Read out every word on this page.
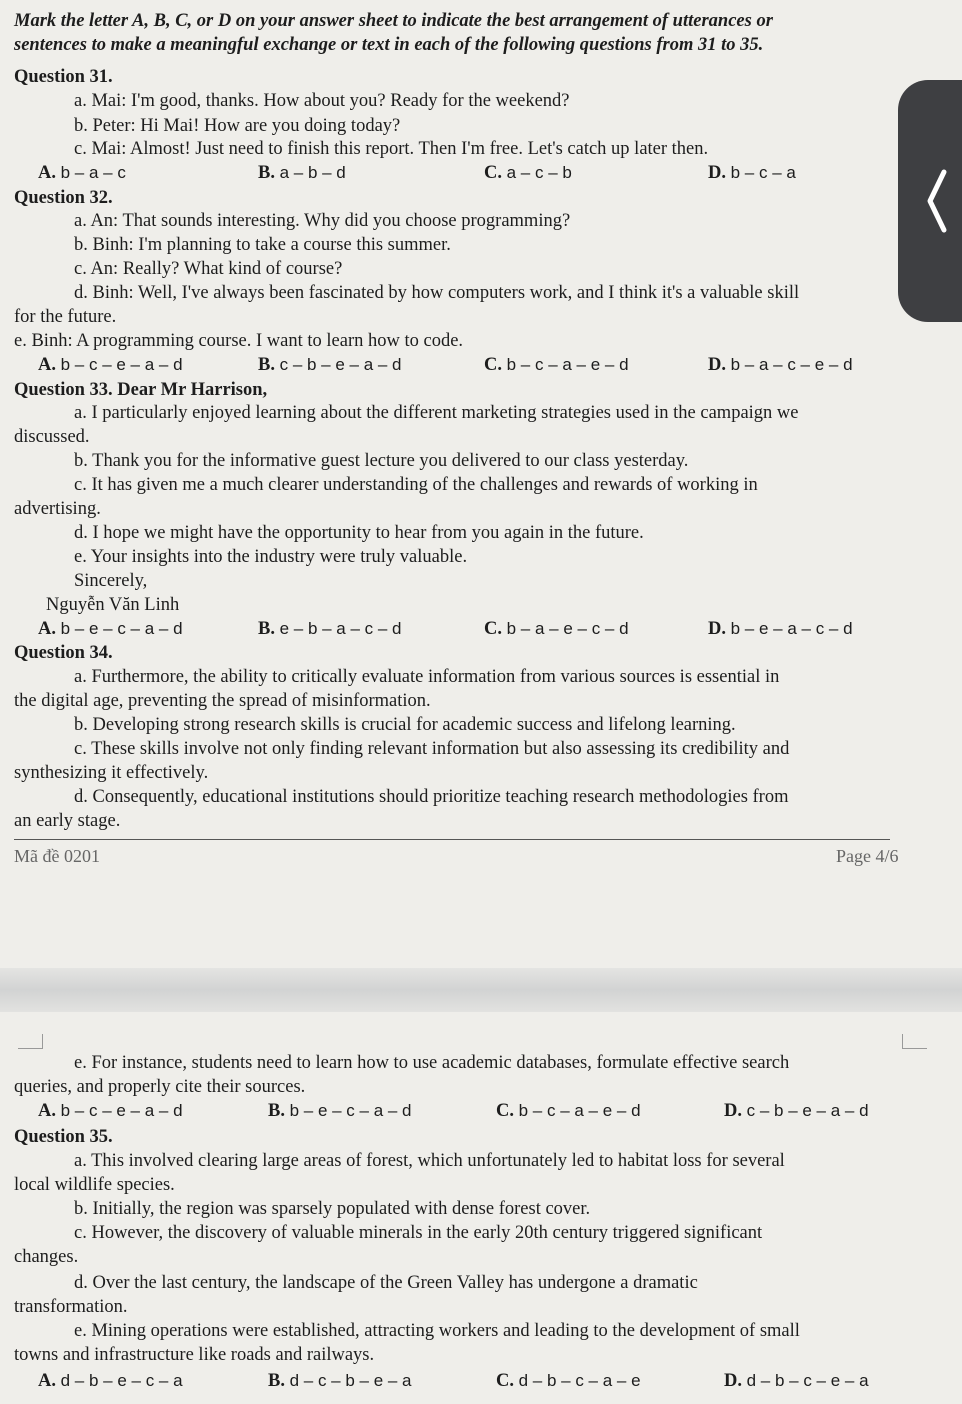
Mark the letter A, B, C, or D on your answer sheet to indicate the best arrangement of utterances or
sentences to make a meaningful exchange or text in each of the following questions from 31 to 35.
Question 31.
a. Mai: I'm good, thanks. How about you? Ready for the weekend?
b. Peter: Hi Mai! How are you doing today?
c. Mai: Almost! Just need to finish this report. Then I'm free. Let's catch up later then.
A. b – a – c	B. a – b – d	C. a – c – b	D. b – c – a
Question 32.
a. An: That sounds interesting. Why did you choose programming?
b. Binh: I'm planning to take a course this summer.
c. An: Really? What kind of course?
d. Binh: Well, I've always been fascinated by how computers work, and I think it's a valuable skill
for the future.
e. Binh: A programming course. I want to learn how to code.
A. b – c – e – a – d	B. c – b – e – a – d	C. b – c – a – e – d	D. b – a – c – e – d
Question 33. Dear Mr Harrison,
a. I particularly enjoyed learning about the different marketing strategies used in the campaign we
discussed.
b. Thank you for the informative guest lecture you delivered to our class yesterday.
c. It has given me a much clearer understanding of the challenges and rewards of working in
advertising.
d. I hope we might have the opportunity to hear from you again in the future.
e. Your insights into the industry were truly valuable.
Sincerely,
Nguyễn Văn Linh
A. b – e – c – a – d	B. e – b – a – c – d	C. b – a – e – c – d	D. b – e – a – c – d
Question 34.
a. Furthermore, the ability to critically evaluate information from various sources is essential in
the digital age, preventing the spread of misinformation.
b. Developing strong research skills is crucial for academic success and lifelong learning.
c. These skills involve not only finding relevant information but also assessing its credibility and
synthesizing it effectively.
d. Consequently, educational institutions should prioritize teaching research methodologies from
an early stage.
Mã đề 0201	Page 4/6
e. For instance, students need to learn how to use academic databases, formulate effective search
queries, and properly cite their sources.
A. b – c – e – a – d	B. b – e – c – a – d	C. b – c – a – e – d	D. c – b – e – a – d
Question 35.
a. This involved clearing large areas of forest, which unfortunately led to habitat loss for several
local wildlife species.
b. Initially, the region was sparsely populated with dense forest cover.
c. However, the discovery of valuable minerals in the early 20th century triggered significant
changes.
d. Over the last century, the landscape of the Green Valley has undergone a dramatic
transformation.
e. Mining operations were established, attracting workers and leading to the development of small
towns and infrastructure like roads and railways.
A. d – b – e – c – a	B. d – c – b – e – a	C. d – b – c – a – e	D. d – b – c – e – a
